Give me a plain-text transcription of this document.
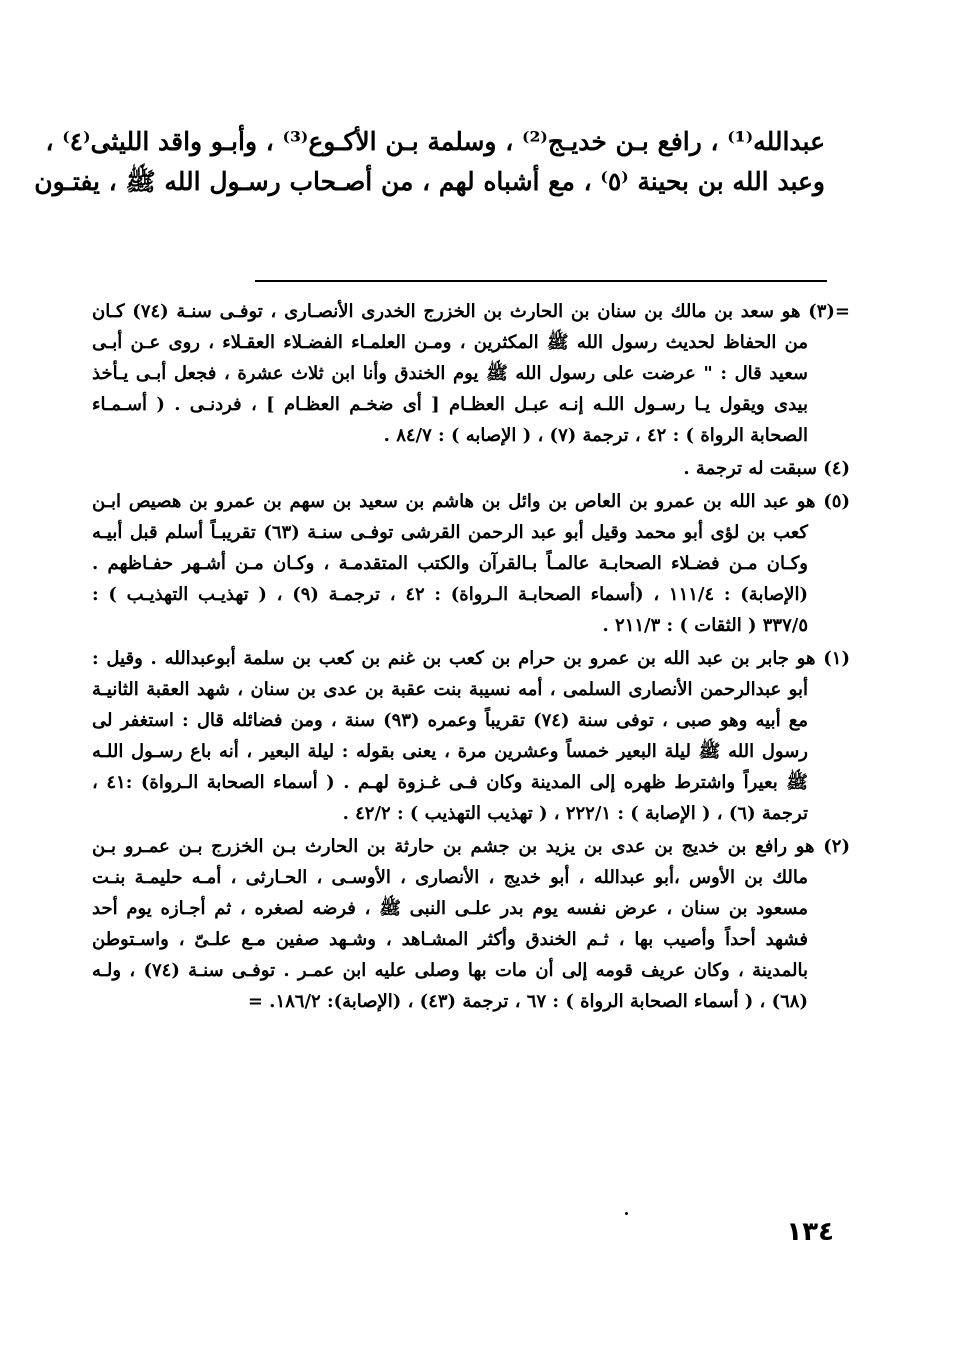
عبدالله⁽¹⁾ ، رافع بـن خديـج⁽²⁾ ، وسلمة بـن الأكـوع⁽³⁾ ، وأبـو واقد الليثى⁽٤⁾ ،
وعبد الله بن بحينة ⁽٥⁾ ، مع أشباه لهم ، من أصـحاب رسـول الله ﷺ ، يفتـون
=(٣) هو سعد بن مالك بن سنان بن الحارث بن الخزرج الخدرى الأنصـارى ، توفـى سنـة (٧٤) كـان
من الحفاظ لحديث رسول الله ﷺ المكثرين ، ومـن العلمـاء الفضـلاء العقـلاء ، روى عـن أبـى
سعيد قال : " عرضت على رسول الله ﷺ يوم الخندق وأنا ابن ثلاث عشرة ، فجعل أبـى يـأخذ
بيدى ويقول يـا رسـول اللـه إنـه عبـل العظـام [ أى ضخـم العظـام ] ، فردنـى . ( أسـمـاء
الصحابة الرواة ) : ٤٢ ، ترجمة (٧) ، ( الإصابه ) : ٨٤/٧ .
(٤) سبقت له ترجمة .
(٥) هو عبد الله بن عمرو بن العاص بن وائل بن هاشم بن سعيد بن سهم بن عمرو بن هصيص ابـن
كعب بن لؤى أبو محمد وقيل أبو عبد الرحمن القرشى توفـى سنـة (٦٣) تقريبـاً أسلم قبل أبيـه
وكـان مـن فضـلاء الصحابـة عالمـاً بـالقرآن والكتب المتقدمـة ، وكـان مـن أشـهر حفـاظهم .
(الإصابة) : ١١١/٤ ، (أسماء الصحابـة الـرواة) : ٤٢ ، ترجمـة (٩) ، ( تهذيـب التهذيـب ) :
٣٣٧/٥ ( الثقات ) : ٢١١/٣ .
(١) هو جابر بن عبد الله بن عمرو بن حرام بن كعب بن غنم بن كعب بن سلمة أبوعبدالله . وقيل :
أبو عبدالرحمن الأنصارى السلمى ، أمه نسيبة بنت عقبة بن عدى بن سنان ، شهد العقبة الثانيـة
مع أبيه وهو صبى ، توفى سنة (٧٤) تقريباً وعمره (٩٣) سنة ، ومن فضائله قال : استغفر لى
رسول الله ﷺ ليلة البعير خمساً وعشرين مرة ، يعنى بقوله : ليلة البعير ، أنه باع رسـول اللـه
ﷺ بعيراً واشترط ظهره إلى المدينة وكان فـى غـزوة لهـم . ( أسماء الصحابة الـرواة) :٤١ ،
ترجمة (٦) ، ( الإصابة ) : ٢٢٢/١ ، ( تهذيب التهذيب ) : ٤٢/٢ .
(٢) هو رافع بن خديج بن عدى بن يزيد بن جشم بن حارثة بن الحارث بـن الخزرج بـن عمـرو بـن
مالك بن الأوس ،أبو عبدالله ، أبو خديج ، الأنصارى ، الأوسـى ، الحـارثى ، أمـه حليمـة بنـت
مسعود بن سنان ، عرض نفسه يوم بدر علـى النبى ﷺ ، فرضه لصغره ، ثم أجـازه يوم أحد
فشهد أحداً وأصيب بها ، ثـم الخندق وأكثر المشـاهد ، وشـهد صفين مـع علـىّ ، واسـتوطن
بالمدينة ، وكان عريف قومه إلى أن مات بها وصلى عليه ابن عمـر . توفـى سنـة (٧٤) ، ولـه
(٦٨) ، ( أسماء الصحابة الرواة ) : ٦٧ ، ترجمة (٤٣) ، (الإصابة): ١٨٦/٢. =
١٣٤
